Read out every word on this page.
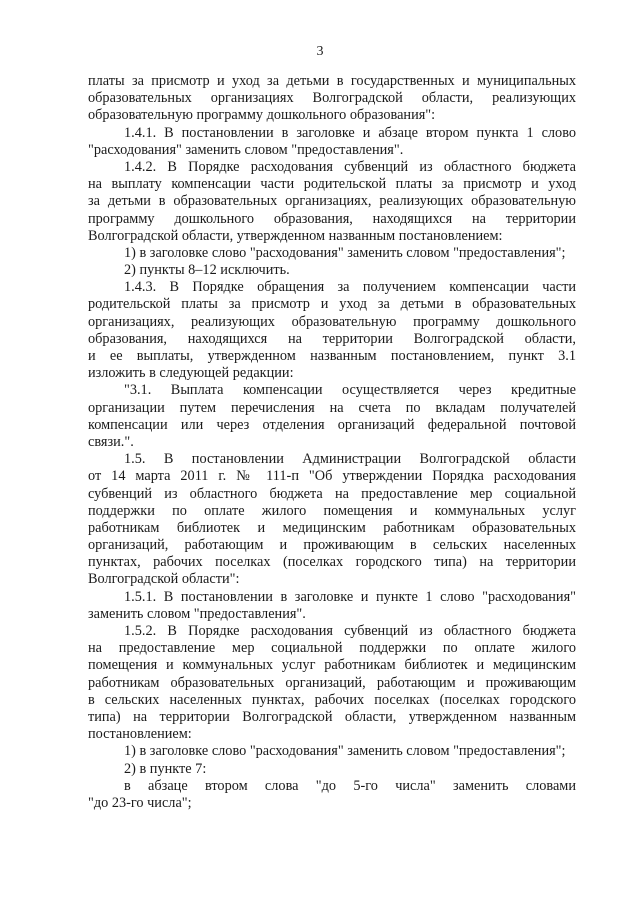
3
платы за присмотр и уход за детьми в государственных и муниципальных
образовательных организациях Волгоградской области, реализующих
образовательную программу дошкольного образования":
1.4.1. В постановлении в заголовке и абзаце втором пункта 1 слово
"расходования" заменить словом "предоставления".
1.4.2. В Порядке расходования субвенций из областного бюджета
на выплату компенсации части родительской платы за присмотр и уход
за детьми в образовательных организациях, реализующих образовательную
программу дошкольного образования, находящихся на территории
Волгоградской области, утвержденном названным постановлением:
1) в заголовке слово "расходования" заменить словом "предоставления";
2) пункты 8–12 исключить.
1.4.3. В Порядке обращения за получением компенсации части
родительской платы за присмотр и уход за детьми в образовательных
организациях, реализующих образовательную программу дошкольного
образования, находящихся на территории Волгоградской области,
и ее выплаты, утвержденном названным постановлением, пункт 3.1
изложить в следующей редакции:
"3.1. Выплата компенсации осуществляется через кредитные
организации путем перечисления на счета по вкладам получателей
компенсации или через отделения организаций федеральной почтовой
связи.".
1.5. В постановлении Администрации Волгоградской области
от 14 марта 2011 г. № 111-п "Об утверждении Порядка расходования
субвенций из областного бюджета на предоставление мер социальной
поддержки по оплате жилого помещения и коммунальных услуг
работникам библиотек и медицинским работникам образовательных
организаций, работающим и проживающим в сельских населенных
пунктах, рабочих поселках (поселках городского типа) на территории
Волгоградской области":
1.5.1. В постановлении в заголовке и пункте 1 слово "расходования"
заменить словом "предоставления".
1.5.2. В Порядке расходования субвенций из областного бюджета
на предоставление мер социальной поддержки по оплате жилого
помещения и коммунальных услуг работникам библиотек и медицинским
работникам образовательных организаций, работающим и проживающим
в сельских населенных пунктах, рабочих поселках (поселках городского
типа) на территории Волгоградской области, утвержденном названным
постановлением:
1) в заголовке слово "расходования" заменить словом "предоставления";
2) в пункте 7:
в абзаце втором слова "до 5-го числа" заменить словами
"до 23-го числа";
